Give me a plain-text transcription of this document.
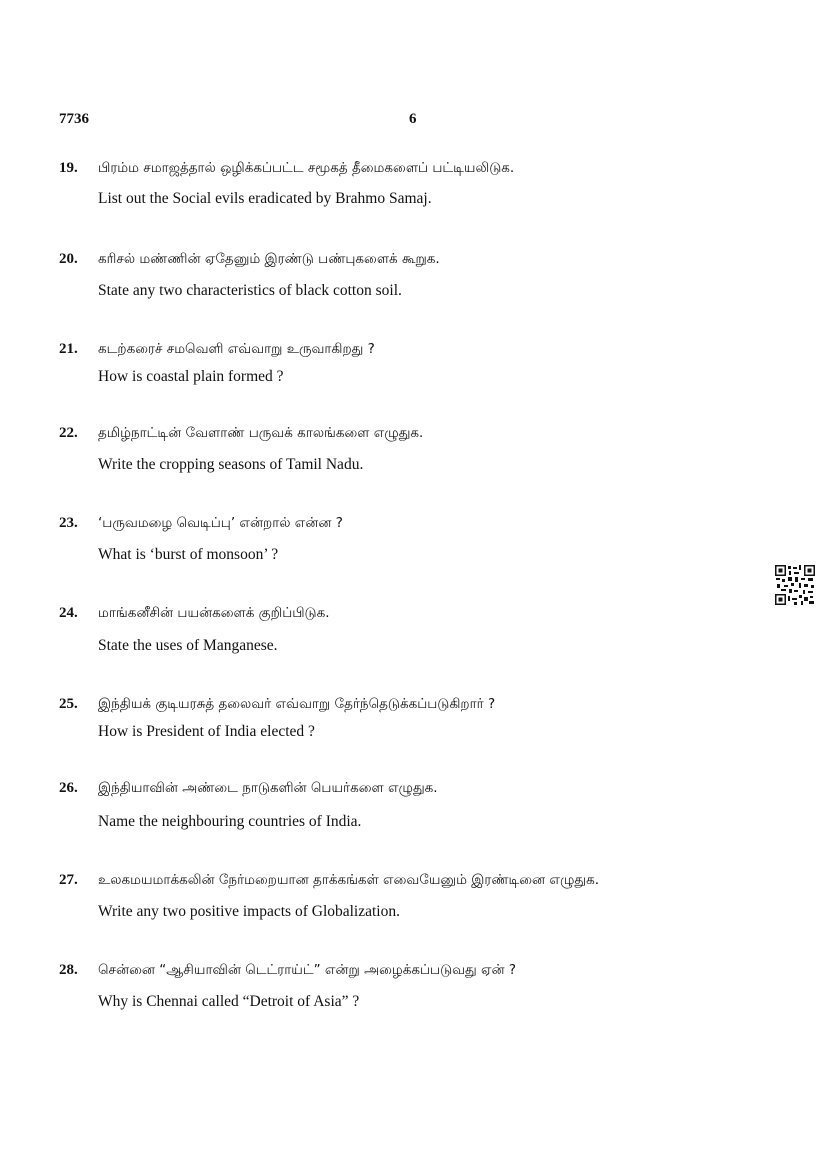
7736	6
19. பிரம்ம சமாஜத்தால் ஒழிக்கப்பட்ட சமூகத் தீமைகளைப் பட்டியலிடுக.
List out the Social evils eradicated by Brahmo Samaj.
20. கரிசல் மண்ணின் ஏதேனும் இரண்டு பண்புகளைக் கூறுக.
State any two characteristics of black cotton soil.
21. கடற்கரைச் சமவெளி எவ்வாறு உருவாகிறது ?
How is coastal plain formed ?
22. தமிழ்நாட்டின் வேளாண் பருவக் காலங்களை எழுதுக.
Write the cropping seasons of Tamil Nadu.
23. ‘பருவமழை வெடிப்பு’ என்றால் என்ன ?
What is ‘burst of monsoon’ ?
24. மாங்கனீசின் பயன்களைக் குறிப்பிடுக.
State the uses of Manganese.
25. இந்தியக் குடியரசுத் தலைவர் எவ்வாறு தேர்ந்தெடுக்கப்படுகிறார் ?
How is President of India elected ?
26. இந்தியாவின் அண்டை நாடுகளின் பெயர்களை எழுதுக.
Name the neighbouring countries of India.
27. உலகமயமாக்கலின் நேர்மறையான தாக்கங்கள் எவையேனும் இரண்டினை எழுதுக.
Write any two positive impacts of Globalization.
28. சென்னை “ஆசியாவின் டெட்ராய்ட்” என்று அழைக்கப்படுவது ஏன் ?
Why is Chennai called “Detroit of Asia” ?
